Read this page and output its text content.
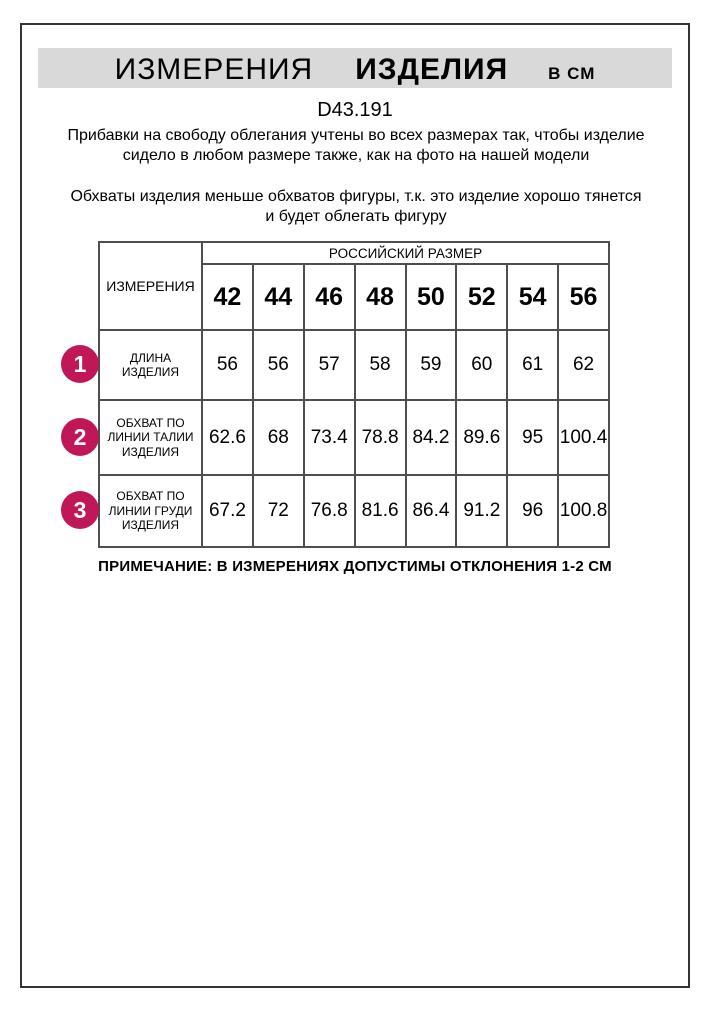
ИЗМЕРЕНИЯ ИЗДЕЛИЯ В СМ
D43.191

Прибавки на свободу облегания учтены во всех размерах так, чтобы изделие сидело в любом размере также, как на фото на нашей модели

Обхваты изделия меньше обхватов фигуры, т.к. это изделие хорошо тянется и будет облегать фигуру

1
2
3
ИЗМЕРЕНИЯ	РОССИЙСКИЙ РАЗМЕР							
	42	44	46	48	50	52	54	56

ДЛИНА
ИЗДЕЛИЯ	56	56	57	58	59	60	61	62

ОБХВАТ ПО
ЛИНИИ ТАЛИИ
ИЗДЕЛИЯ	62.6	68	73.4	78.8	84.2	89.6	95	100.4

ОБХВАТ ПО
ЛИНИИ ГРУДИ
ИЗДЕЛИЯ	67.2	72	76.8	81.6	86.4	91.2	96	100.8
ПРИМЕЧАНИЕ: В ИЗМЕРЕНИЯХ ДОПУСТИМЫ ОТКЛОНЕНИЯ 1-2 СМ
